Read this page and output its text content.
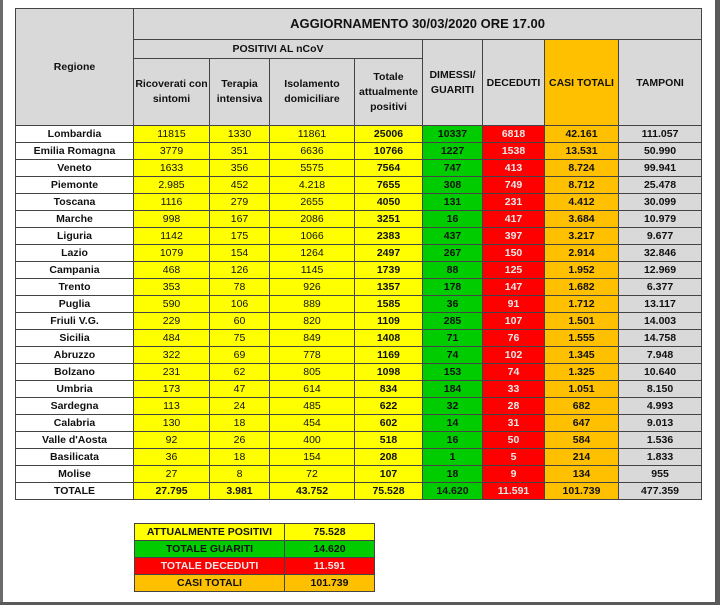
Regione	AGGIORNAMENTO 30/03/2020 ORE 17.00							
	POSITIVI AL nCoV				DIMESSI/ GUARITI	DECEDUTI	CASI TOTALI	TAMPONI
	Ricoverati con sintomi	Terapia intensiva	Isolamento domiciliare	Totale attualmente positivi				
Lombardia	11815	1330	11861	25006	10337	6818	42.161	111.057
Emilia Romagna	3779	351	6636	10766	1227	1538	13.531	50.990
Veneto	1633	356	5575	7564	747	413	8.724	99.941
Piemonte	2.985	452	4.218	7655	308	749	8.712	25.478
Toscana	1116	279	2655	4050	131	231	4.412	30.099
Marche	998	167	2086	3251	16	417	3.684	10.979
Liguria	1142	175	1066	2383	437	397	3.217	9.677
Lazio	1079	154	1264	2497	267	150	2.914	32.846
Campania	468	126	1145	1739	88	125	1.952	12.969
Trento	353	78	926	1357	178	147	1.682	6.377
Puglia	590	106	889	1585	36	91	1.712	13.117
Friuli V.G.	229	60	820	1109	285	107	1.501	14.003
Sicilia	484	75	849	1408	71	76	1.555	14.758
Abruzzo	322	69	778	1169	74	102	1.345	7.948
Bolzano	231	62	805	1098	153	74	1.325	10.640
Umbria	173	47	614	834	184	33	1.051	8.150
Sardegna	113	24	485	622	32	28	682	4.993
Calabria	130	18	454	602	14	31	647	9.013
Valle d'Aosta	92	26	400	518	16	50	584	1.536
Basilicata	36	18	154	208	1	5	214	1.833
Molise	27	8	72	107	18	9	134	955
TOTALE	27.795	3.981	43.752	75.528	14.620	11.591	101.739	477.359
ATTUALMENTE POSITIVI	75.528
TOTALE GUARITI	14.620
TOTALE DECEDUTI	11.591
CASI TOTALI	101.739
